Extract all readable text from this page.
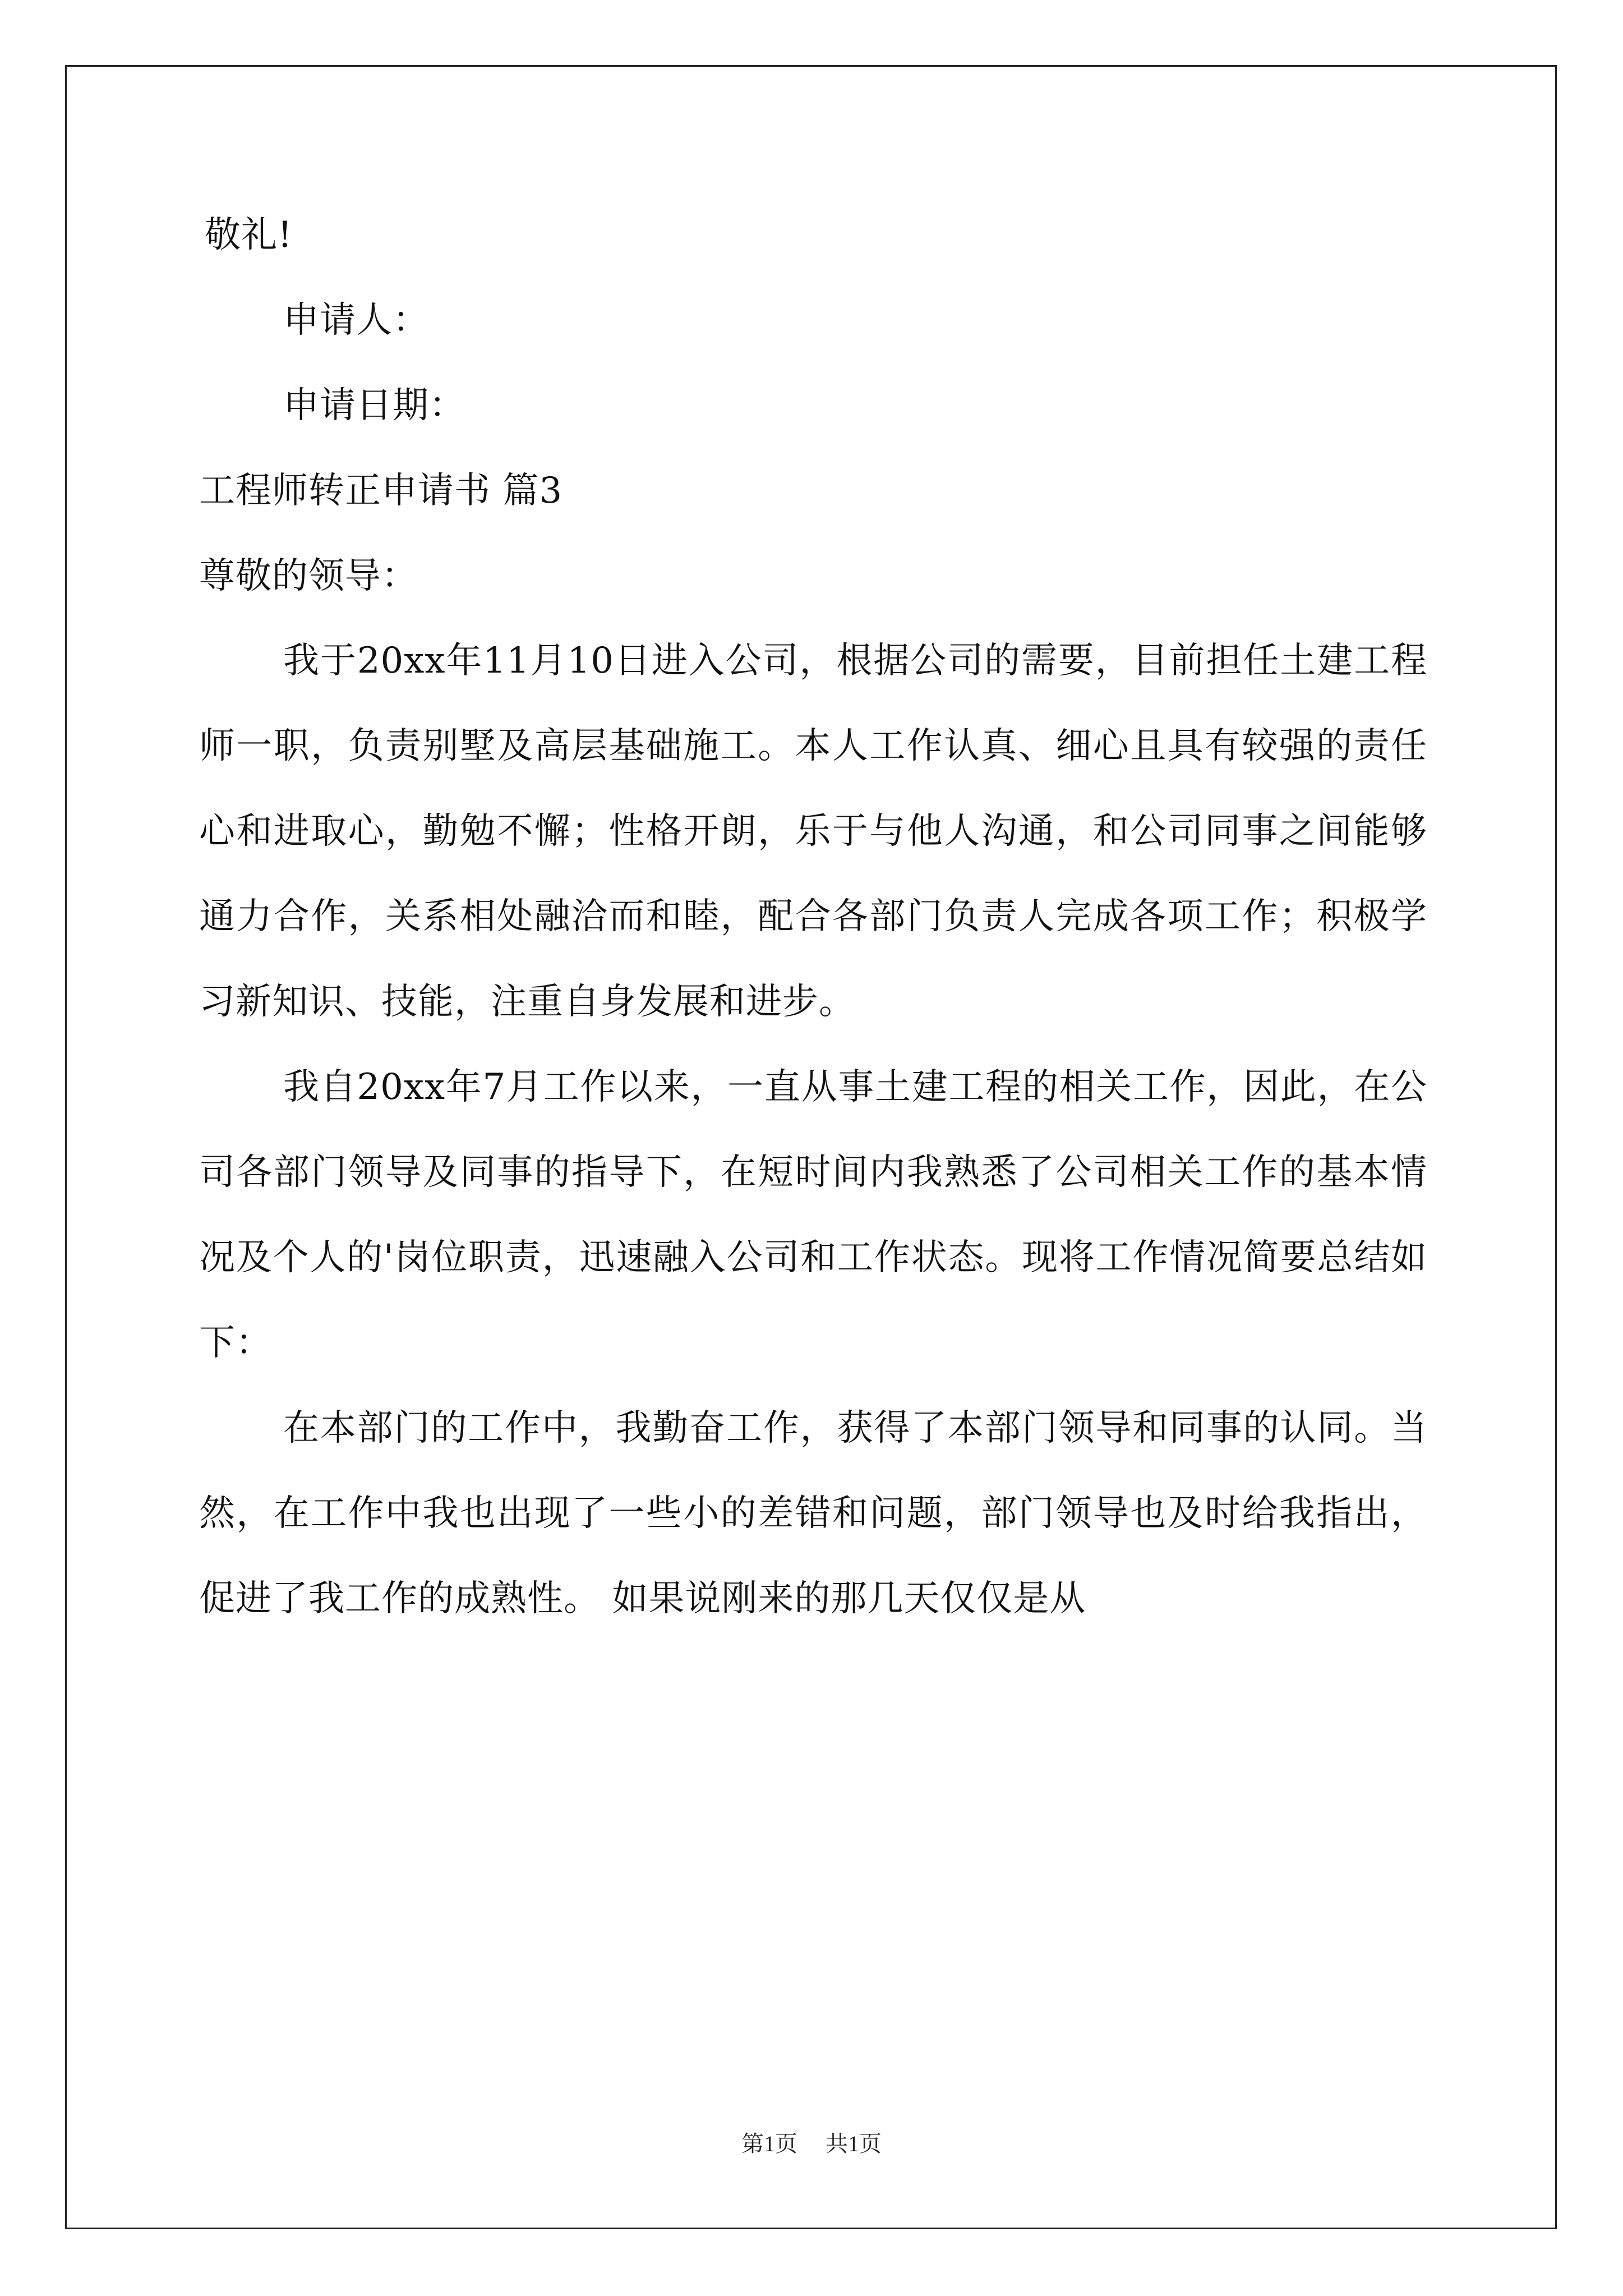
敬礼!
申请人：
申请日期：
工程师转正申请书 篇3
尊敬的领导：
我于20xx年11月10日进入公司，根据公司的需要，目前担任土建工程师一职，负责别墅及高层基础施工。本人工作认真、细心且具有较强的责任心和进取心，勤勉不懈；性格开朗，乐于与他人沟通，和公司同事之间能够通力合作，关系相处融洽而和睦，配合各部门负责人完成各项工作；积极学习新知识、技能，注重自身发展和进步。
我自20xx年7月工作以来，一直从事土建工程的相关工作，因此，在公司各部门领导及同事的指导下，在短时间内我熟悉了公司相关工作的基本情况及个人的'岗位职责，迅速融入公司和工作状态。现将工作情况简要总结如下：
在本部门的工作中，我勤奋工作，获得了本部门领导和同事的认同。当然，在工作中我也出现了一些小的差错和问题，部门领导也及时给我指出，促进了我工作的成熟性。 如果说刚来的那几天仅仅是从
第1页 共1页
